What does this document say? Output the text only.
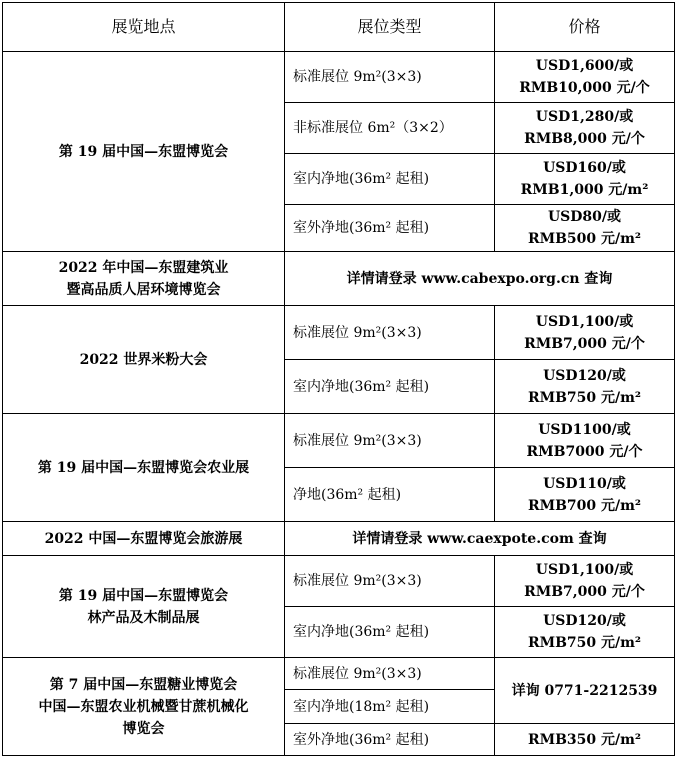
展览地点	展位类型	价格
第 19 届中国—东盟博览会	标准展位 9m²(3×3)	USD1,600/或
RMB10,000 元/个

	非标准展位 6m²（3×2）	USD1,280/或
RMB8,000 元/个

	室内净地(36m² 起租)	USD160/或
RMB1,000 元/m²

	室外净地(36m² 起租)	USD80/或
RMB500 元/m²

2022 年中国—东盟建筑业
暨高品质人居环境博览会	详情请登录 www.cabexpo.org.cn 查询	
2022 世界米粉大会	标准展位 9m²(3×3)	USD1,100/或
RMB7,000 元/个

	室内净地(36m² 起租)	USD120/或
RMB750 元/m²

第 19 届中国—东盟博览会农业展	标准展位 9m²(3×3)	USD1100/或
RMB7000 元/个

	净地(36m² 起租)	USD110/或
RMB700 元/m²

2022 中国—东盟博览会旅游展	详情请登录 www.caexpote.com 查询	

第 19 届中国—东盟博览会
林产品及木制品展	标准展位 9m²(3×3)	USD1,100/或
RMB7,000 元/个

	室内净地(36m² 起租)	USD120/或
RMB750 元/m²

第 7 届中国—东盟糖业博览会
中国—东盟农业机械暨甘蔗机械化
博览会	标准展位 9m²(3×3)	详询 0771-2212539
	室内净地(18m² 起租)	
	室外净地(36m² 起租)	RMB350 元/m²
